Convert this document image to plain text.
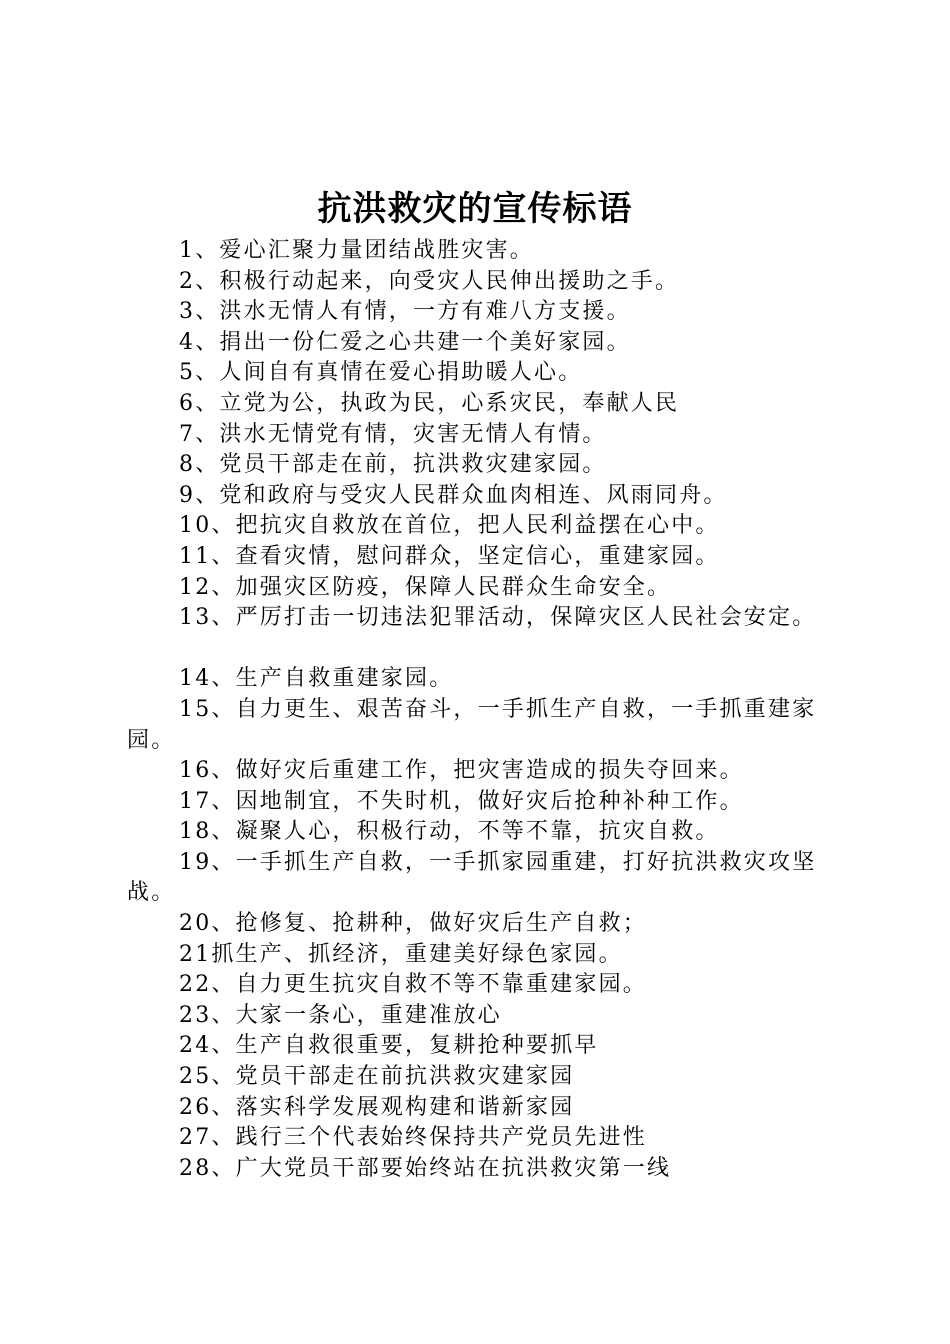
抗洪救灾的宣传标语

1、爱心汇聚力量团结战胜灾害。

2、积极行动起来，向受灾人民伸出援助之手。

3、洪水无情人有情，一方有难八方支援。

4、捐出一份仁爱之心共建一个美好家园。

5、人间自有真情在爱心捐助暖人心。

6、立党为公，执政为民，心系灾民，奉献人民

7、洪水无情党有情，灾害无情人有情。

8、党员干部走在前，抗洪救灾建家园。

9、党和政府与受灾人民群众血肉相连、风雨同舟。

10、把抗灾自救放在首位，把人民利益摆在心中。

11、查看灾情，慰问群众，坚定信心，重建家园。

12、加强灾区防疫，保障人民群众生命安全。

13、严厉打击一切违法犯罪活动，保障灾区人民社会安定。

14、生产自救重建家园。

15、自力更生、艰苦奋斗，一手抓生产自救，一手抓重建家园。

16、做好灾后重建工作，把灾害造成的损失夺回来。

17、因地制宜，不失时机，做好灾后抢种补种工作。

18、凝聚人心，积极行动，不等不靠，抗灾自救。

19、一手抓生产自救，一手抓家园重建，打好抗洪救灾攻坚战。

20、抢修复、抢耕种，做好灾后生产自救；

21抓生产、抓经济，重建美好绿色家园。

22、自力更生抗灾自救不等不靠重建家园。

23、大家一条心，重建准放心

24、生产自救很重要，复耕抢种要抓早

25、党员干部走在前抗洪救灾建家园

26、落实科学发展观构建和谐新家园

27、践行三个代表始终保持共产党员先进性

28、广大党员干部要始终站在抗洪救灾第一线
